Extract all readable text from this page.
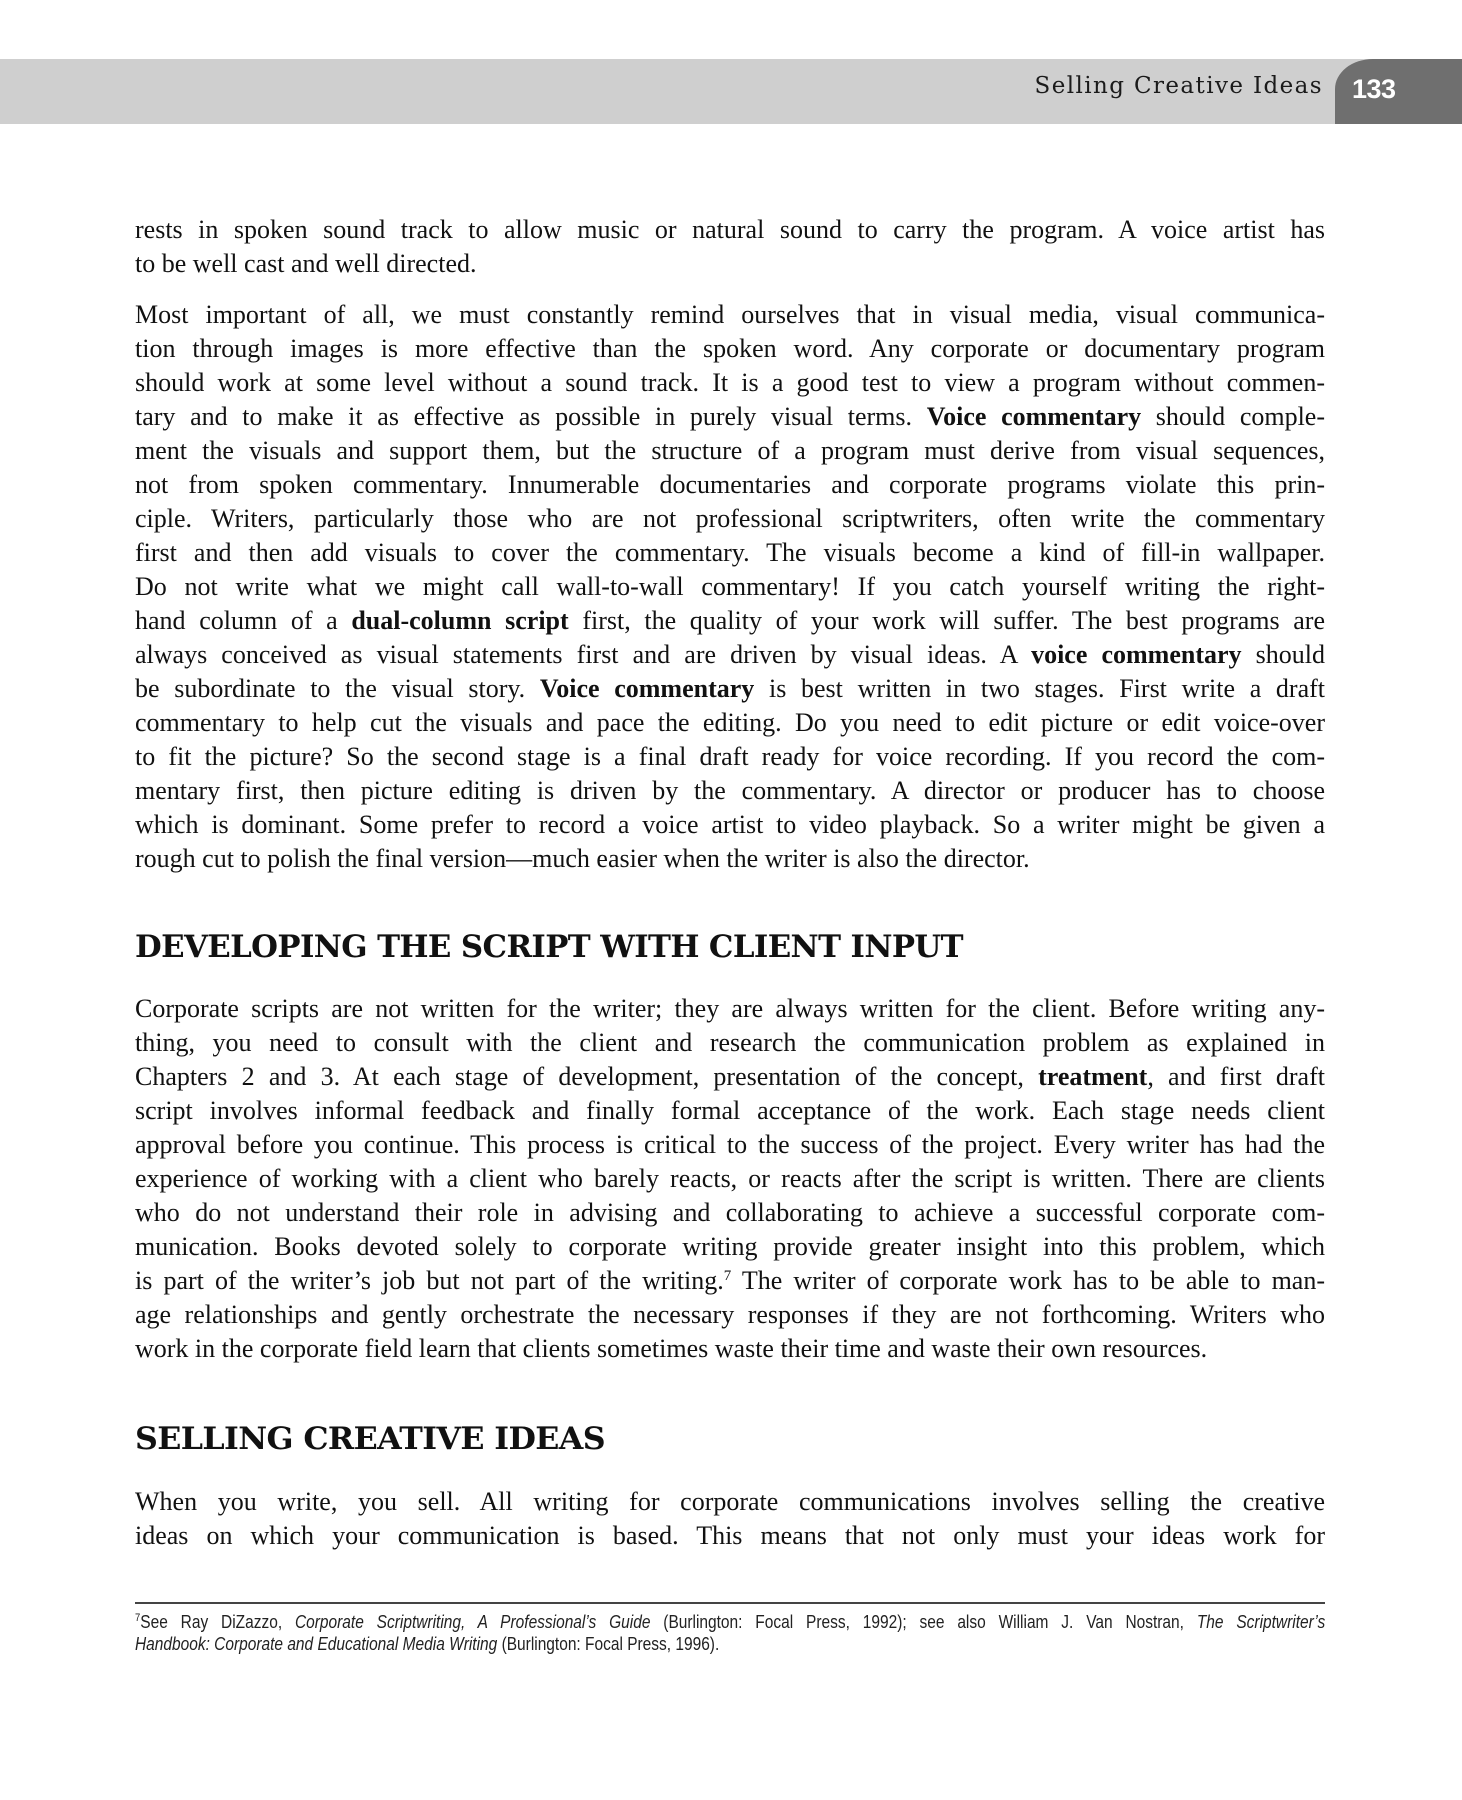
Selling Creative Ideas 133
rests in spoken sound track to allow music or natural sound to carry the program. A voice artist has
to be well cast and well directed.
Most important of all, we must constantly remind ourselves that in visual media, visual communica-
tion through images is more effective than the spoken word. Any corporate or documentary program
should work at some level without a sound track. It is a good test to view a program without commen-
tary and to make it as effective as possible in purely visual terms. Voice commentary should comple-
ment the visuals and support them, but the structure of a program must derive from visual sequences,
not from spoken commentary. Innumerable documentaries and corporate programs violate this prin-
ciple. Writers, particularly those who are not professional scriptwriters, often write the commentary
first and then add visuals to cover the commentary. The visuals become a kind of fill-in wallpaper.
Do not write what we might call wall-to-wall commentary! If you catch yourself writing the right-
hand column of a dual-column script first, the quality of your work will suffer. The best programs are
always conceived as visual statements first and are driven by visual ideas. A voice commentary should
be subordinate to the visual story. Voice commentary is best written in two stages. First write a draft
commentary to help cut the visuals and pace the editing. Do you need to edit picture or edit voice-over
to fit the picture? So the second stage is a final draft ready for voice recording. If you record the com-
mentary first, then picture editing is driven by the commentary. A director or producer has to choose
which is dominant. Some prefer to record a voice artist to video playback. So a writer might be given a
rough cut to polish the final version—much easier when the writer is also the director.
DEVELOPING THE SCRIPT WITH CLIENT INPUT
Corporate scripts are not written for the writer; they are always written for the client. Before writing any-
thing, you need to consult with the client and research the communication problem as explained in
Chapters 2 and 3. At each stage of development, presentation of the concept, treatment, and first draft
script involves informal feedback and finally formal acceptance of the work. Each stage needs client
approval before you continue. This process is critical to the success of the project. Every writer has had the
experience of working with a client who barely reacts, or reacts after the script is written. There are clients
who do not understand their role in advising and collaborating to achieve a successful corporate com-
munication. Books devoted solely to corporate writing provide greater insight into this problem, which
is part of the writer’s job but not part of the writing.$^7$ The writer of corporate work has to be able to man-
age relationships and gently orchestrate the necessary responses if they are not forthcoming. Writers who
work in the corporate field learn that clients sometimes waste their time and waste their own resources.
SELLING CREATIVE IDEAS
When you write, you sell. All writing for corporate communications involves selling the creative
ideas on which your communication is based. This means that not only must your ideas work for
$^7$See Ray DiZazzo, Corporate Scriptwriting, A Professional’s Guide (Burlington: Focal Press, 1992); see also William J. Van Nostran, The Scriptwriter’s
Handbook: Corporate and Educational Media Writing (Burlington: Focal Press, 1996).
